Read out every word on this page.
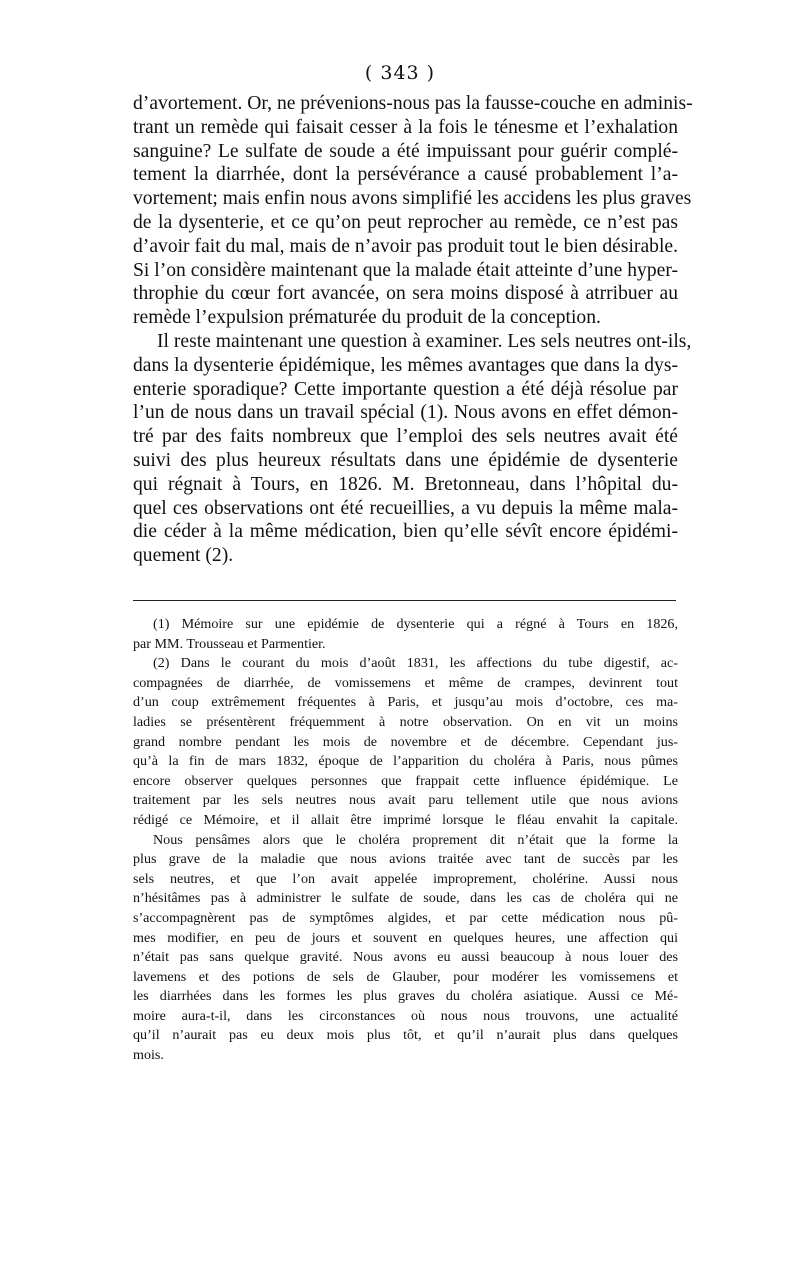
( 343 )
d’avortement. Or, ne prévenions-nous pas la fausse-couche en adminis-
trant un remède qui faisait cesser à la fois le ténesme et l’exhalation
sanguine? Le sulfate de soude a été impuissant pour guérir complé-
tement la diarrhée, dont la persévérance a causé probablement l’a-
vortement; mais enfin nous avons simplifié les accidens les plus graves
de la dysenterie, et ce qu’on peut reprocher au remède, ce n’est pas
d’avoir fait du mal, mais de n’avoir pas produit tout le bien désirable.
Si l’on considère maintenant que la malade était atteinte d’une hyper-
throphie du cœur fort avancée, on sera moins disposé à atrribuer au
remède l’expulsion prématurée du produit de la conception.
Il reste maintenant une question à examiner. Les sels neutres ont-ils,
dans la dysenterie épidémique, les mêmes avantages que dans la dys-
enterie sporadique? Cette importante question a été déjà résolue par
l’un de nous dans un travail spécial (1). Nous avons en effet démon-
tré par des faits nombreux que l’emploi des sels neutres avait été
suivi des plus heureux résultats dans une épidémie de dysenterie
qui régnait à Tours, en 1826. M. Bretonneau, dans l’hôpital du-
quel ces observations ont été recueillies, a vu depuis la même mala-
die céder à la même médication, bien qu’elle sévît encore épidémi-
quement (2).
(1) Mémoire sur une epidémie de dysenterie qui a régné à Tours en 1826,
par MM. Trousseau et Parmentier.
(2) Dans le courant du mois d’août 1831, les affections du tube digestif, ac-
compagnées de diarrhée, de vomissemens et même de crampes, devinrent tout
d’un coup extrêmement fréquentes à Paris, et jusqu’au mois d’octobre, ces ma-
ladies se présentèrent fréquemment à notre observation. On en vit un moins
grand nombre pendant les mois de novembre et de décembre. Cependant jus-
qu’à la fin de mars 1832, époque de l’apparition du choléra à Paris, nous pûmes
encore observer quelques personnes que frappait cette influence épidémique. Le
traitement par les sels neutres nous avait paru tellement utile que nous avions
rédigé ce Mémoire, et il allait être imprimé lorsque le fléau envahit la capitale.
Nous pensâmes alors que le choléra proprement dit n’était que la forme la
plus grave de la maladie que nous avions traitée avec tant de succès par les
sels neutres, et que l’on avait appelée improprement, cholérine. Aussi nous
n’hésitâmes pas à administrer le sulfate de soude, dans les cas de choléra qui ne
s’accompagnèrent pas de symptômes algides, et par cette médication nous pû-
mes modifier, en peu de jours et souvent en quelques heures, une affection qui
n’était pas sans quelque gravité. Nous avons eu aussi beaucoup à nous louer des
lavemens et des potions de sels de Glauber, pour modérer les vomissemens et
les diarrhées dans les formes les plus graves du choléra asiatique. Aussi ce Mé-
moire aura-t-il, dans les circonstances où nous nous trouvons, une actualité
qu’il n’aurait pas eu deux mois plus tôt, et qu’il n’aurait plus dans quelques
mois.
